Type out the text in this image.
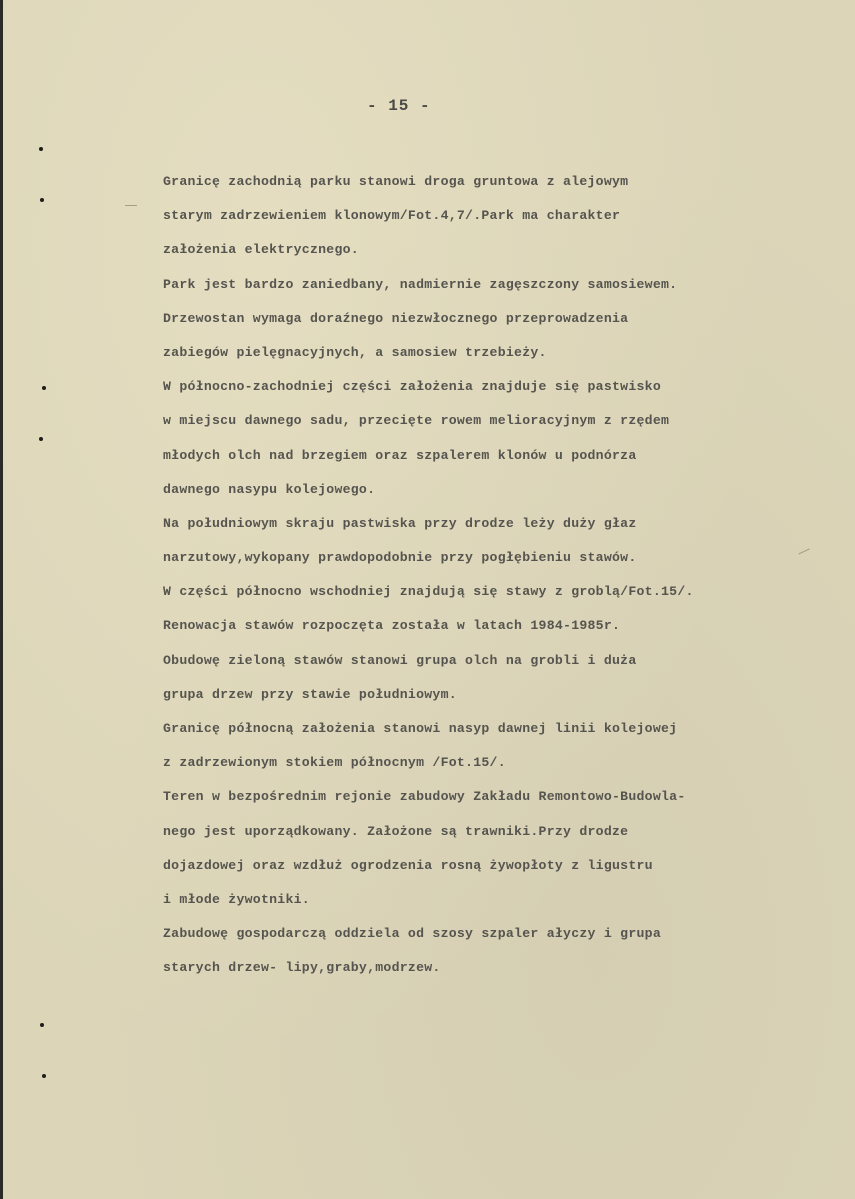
- 15 -
Granicę zachodnią parku stanowi droga gruntowa z alejowym
starym zadrzewieniem klonowym/Fot.4,7/.Park ma charakter
założenia elektrycznego.
Park jest bardzo zaniedbany, nadmiernie zagęszczony samosiewem.
Drzewostan wymaga doraźnego niezwłocznego przeprowadzenia
zabiegów pielęgnacyjnych, a samosiew trzebieży.
W północno-zachodniej części założenia znajduje się pastwisko
w miejscu dawnego sadu, przecięte rowem melioracyjnym z rzędem
młodych olch nad brzegiem oraz szpalerem klonów u podnórza
dawnego nasypu kolejowego.
Na południowym skraju pastwiska przy drodze leży duży głaz
narzutowy,wykopany prawdopodobnie przy pogłębieniu stawów.
W części północno wschodniej znajdują się stawy z groblą/Fot.15/.
Renowacja stawów rozpoczęta została w latach 1984-1985r.
Obudowę zieloną stawów stanowi grupa olch na grobli i duża
grupa drzew przy stawie południowym.
Granicę północną założenia stanowi nasyp dawnej linii kolejowej
z zadrzewionym stokiem północnym /Fot.15/.
Teren w bezpośrednim rejonie zabudowy Zakładu Remontowo-Budowla-
nego jest uporządkowany. Założone są trawniki.Przy drodze
dojazdowej oraz wzdłuż ogrodzenia rosną żywopłoty z ligustru
i młode żywotniki.
Zabudowę gospodarczą oddziela od szosy szpaler ałyczy i grupa
starych drzew- lipy,graby,modrzew.
